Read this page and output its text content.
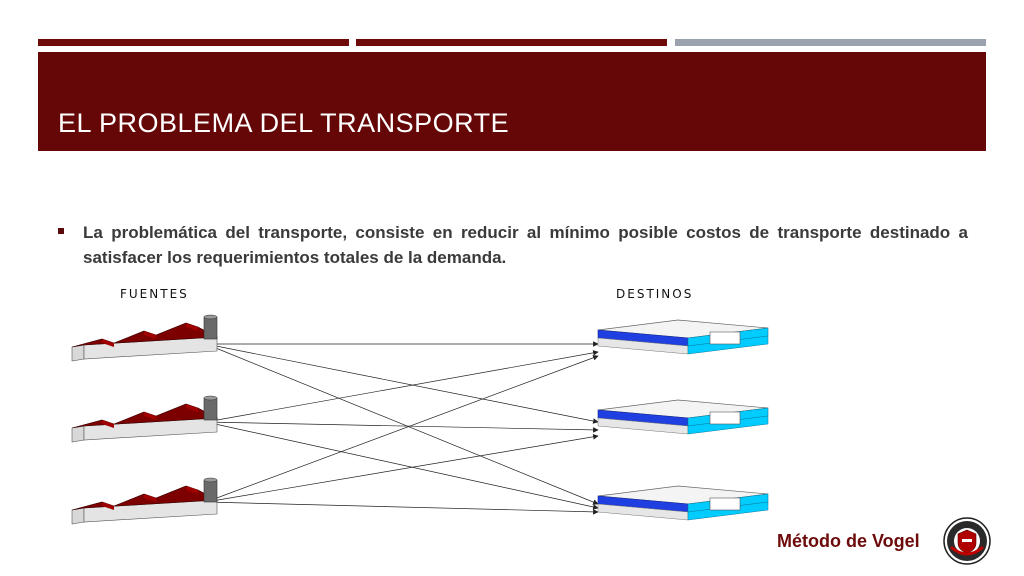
EL PROBLEMA DEL TRANSPORTE

La problemática del transporte, consiste en reducir al mínimo posible costos de transporte destinado a satisfacer los requerimientos totales de la demanda.

FUENTES	DESTINOS
Método de Vogel
